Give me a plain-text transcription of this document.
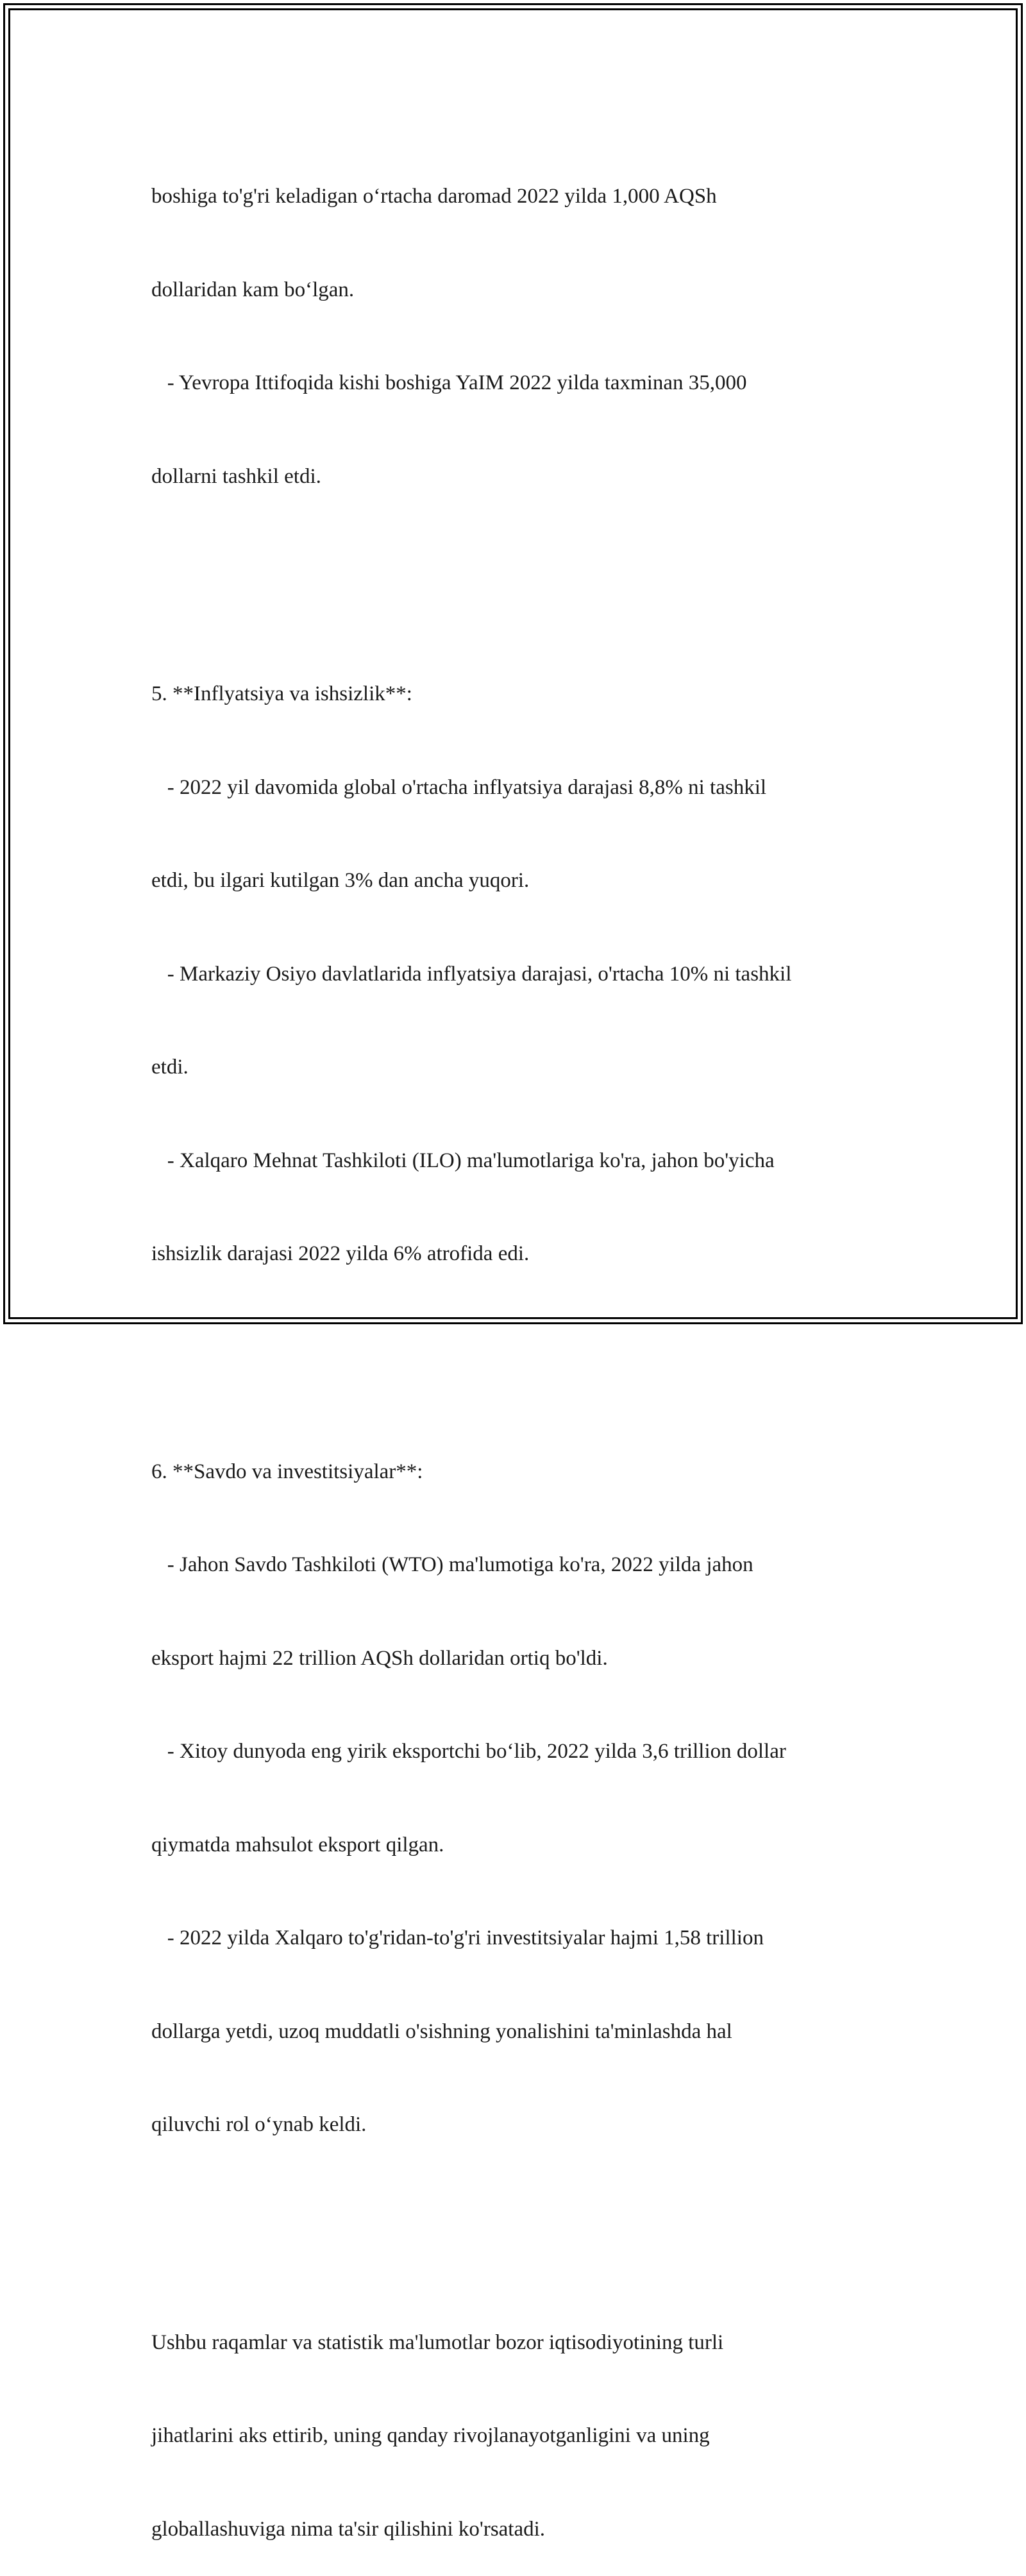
boshiga to'g'ri keladigan o‘rtacha daromad 2022 yilda 1,000 AQSh

dollaridan kam bo‘lgan.

- Yevropa Ittifoqida kishi boshiga YaIM 2022 yilda taxminan 35,000

dollarni tashkil etdi.

5. **Inflyatsiya va ishsizlik**:

- 2022 yil davomida global o'rtacha inflyatsiya darajasi 8,8% ni tashkil

etdi, bu ilgari kutilgan 3% dan ancha yuqori.

- Markaziy Osiyo davlatlarida inflyatsiya darajasi, o'rtacha 10% ni tashkil

etdi.

- Xalqaro Mehnat Tashkiloti (ILO) ma'lumotlariga ko'ra, jahon bo'yicha

ishsizlik darajasi 2022 yilda 6% atrofida edi.

6. **Savdo va investitsiyalar**:

- Jahon Savdo Tashkiloti (WTO) ma'lumotiga ko'ra, 2022 yilda jahon

eksport hajmi 22 trillion AQSh dollaridan ortiq bo'ldi.

- Xitoy dunyoda eng yirik eksportchi bo‘lib, 2022 yilda 3,6 trillion dollar

qiymatda mahsulot eksport qilgan.

- 2022 yilda Xalqaro to'g'ridan-to'g'ri investitsiyalar hajmi 1,58 trillion

dollarga yetdi, uzoq muddatli o'sishning yonalishini ta'minlashda hal

qiluvchi rol o‘ynab keldi.

Ushbu raqamlar va statistik ma'lumotlar bozor iqtisodiyotining turli

jihatlarini aks ettirib, uning qanday rivojlanayotganligini va uning

globallashuviga nima ta'sir qilishini ko'rsatadi.
